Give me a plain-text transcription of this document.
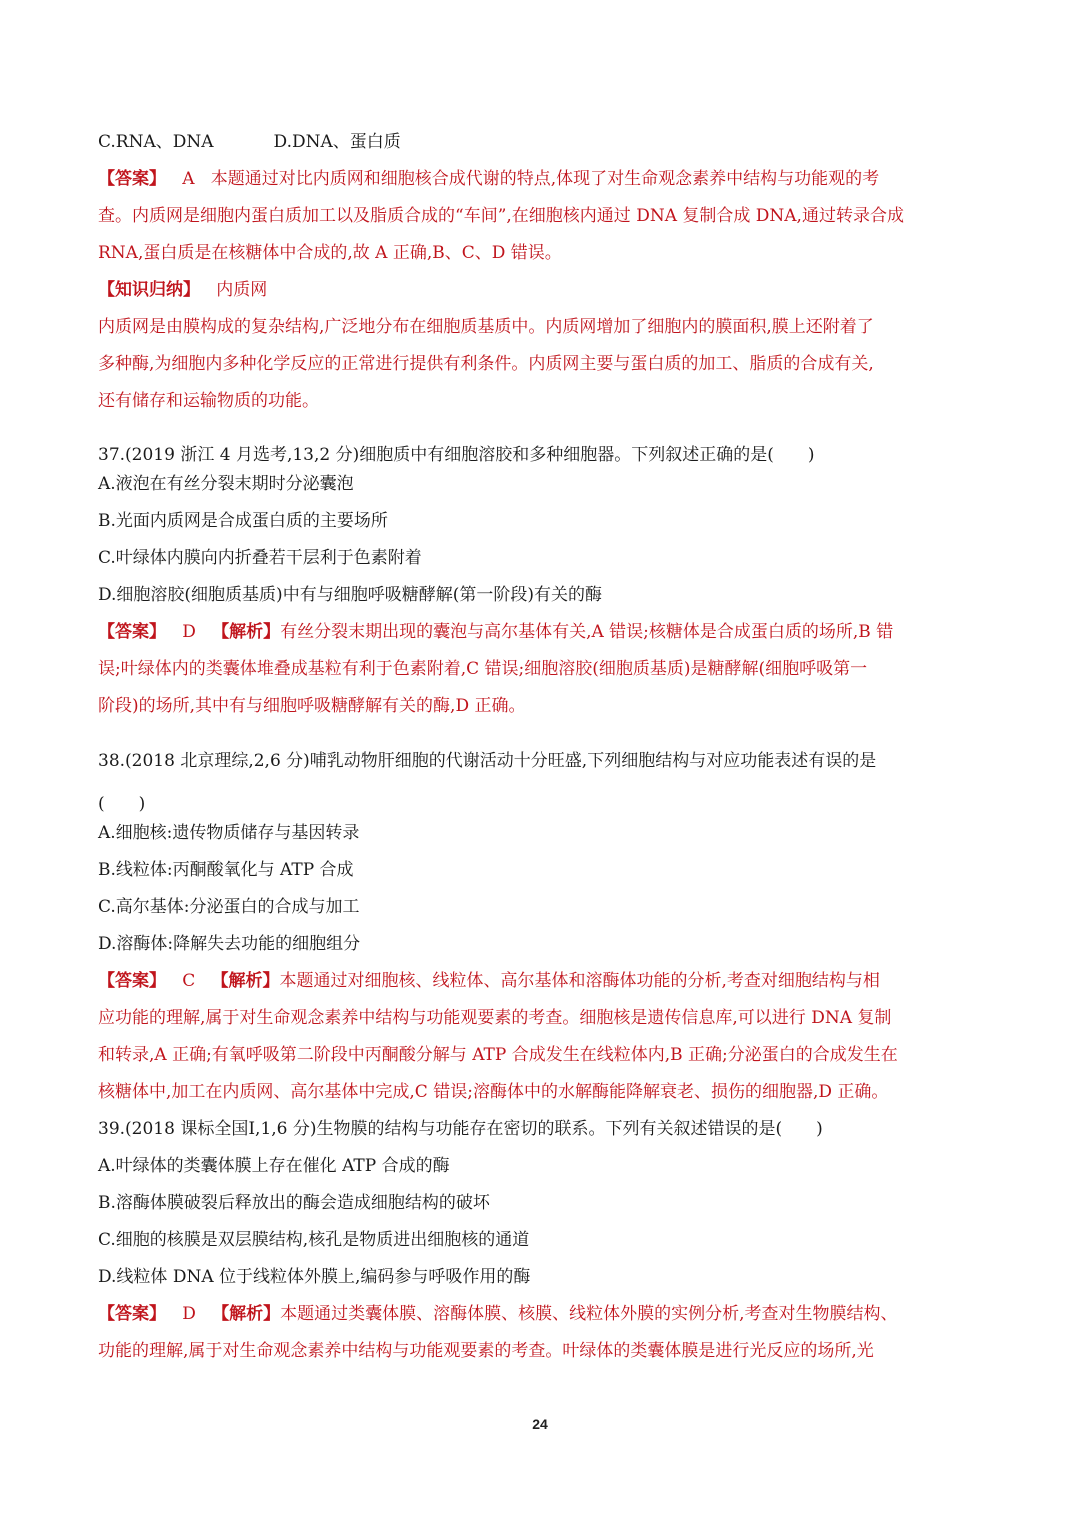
C.RNA、DNA	D.DNA、蛋白质
【答案】 A 本题通过对比内质网和细胞核合成代谢的特点,体现了对生命观念素养中结构与功能观的考
查。内质网是细胞内蛋白质加工以及脂质合成的“车间”,在细胞核内通过 DNA 复制合成 DNA,通过转录合成
RNA,蛋白质是在核糖体中合成的,故 A 正确,B、C、D 错误。
【知识归纳】 内质网
内质网是由膜构成的复杂结构,广泛地分布在细胞质基质中。内质网增加了细胞内的膜面积,膜上还附着了
多种酶,为细胞内多种化学反应的正常进行提供有利条件。内质网主要与蛋白质的加工、脂质的合成有关,
还有储存和运输物质的功能。
37.(2019 浙江 4 月选考,13,2 分)细胞质中有细胞溶胶和多种细胞器。下列叙述正确的是(　　)
A.液泡在有丝分裂末期时分泌囊泡
B.光面内质网是合成蛋白质的主要场所
C.叶绿体内膜向内折叠若干层利于色素附着
D.细胞溶胶(细胞质基质)中有与细胞呼吸糖酵解(第一阶段)有关的酶
【答案】 D 【解析】有丝分裂末期出现的囊泡与高尔基体有关,A 错误;核糖体是合成蛋白质的场所,B 错
误;叶绿体内的类囊体堆叠成基粒有利于色素附着,C 错误;细胞溶胶(细胞质基质)是糖酵解(细胞呼吸第一
阶段)的场所,其中有与细胞呼吸糖酵解有关的酶,D 正确。
38.(2018 北京理综,2,6 分)哺乳动物肝细胞的代谢活动十分旺盛,下列细胞结构与对应功能表述有误的是
(　　)
A.细胞核:遗传物质储存与基因转录
B.线粒体:丙酮酸氧化与 ATP 合成
C.高尔基体:分泌蛋白的合成与加工
D.溶酶体:降解失去功能的细胞组分
【答案】 C 【解析】本题通过对细胞核、线粒体、高尔基体和溶酶体功能的分析,考查对细胞结构与相
应功能的理解,属于对生命观念素养中结构与功能观要素的考查。细胞核是遗传信息库,可以进行 DNA 复制
和转录,A 正确;有氧呼吸第二阶段中丙酮酸分解与 ATP 合成发生在线粒体内,B 正确;分泌蛋白的合成发生在
核糖体中,加工在内质网、高尔基体中完成,C 错误;溶酶体中的水解酶能降解衰老、损伤的细胞器,D 正确。
39.(2018 课标全国Ⅰ,1,6 分)生物膜的结构与功能存在密切的联系。下列有关叙述错误的是(　　)
A.叶绿体的类囊体膜上存在催化 ATP 合成的酶
B.溶酶体膜破裂后释放出的酶会造成细胞结构的破坏
C.细胞的核膜是双层膜结构,核孔是物质进出细胞核的通道
D.线粒体 DNA 位于线粒体外膜上,编码参与呼吸作用的酶
【答案】 D 【解析】本题通过类囊体膜、溶酶体膜、核膜、线粒体外膜的实例分析,考查对生物膜结构、
功能的理解,属于对生命观念素养中结构与功能观要素的考查。叶绿体的类囊体膜是进行光反应的场所,光
24
